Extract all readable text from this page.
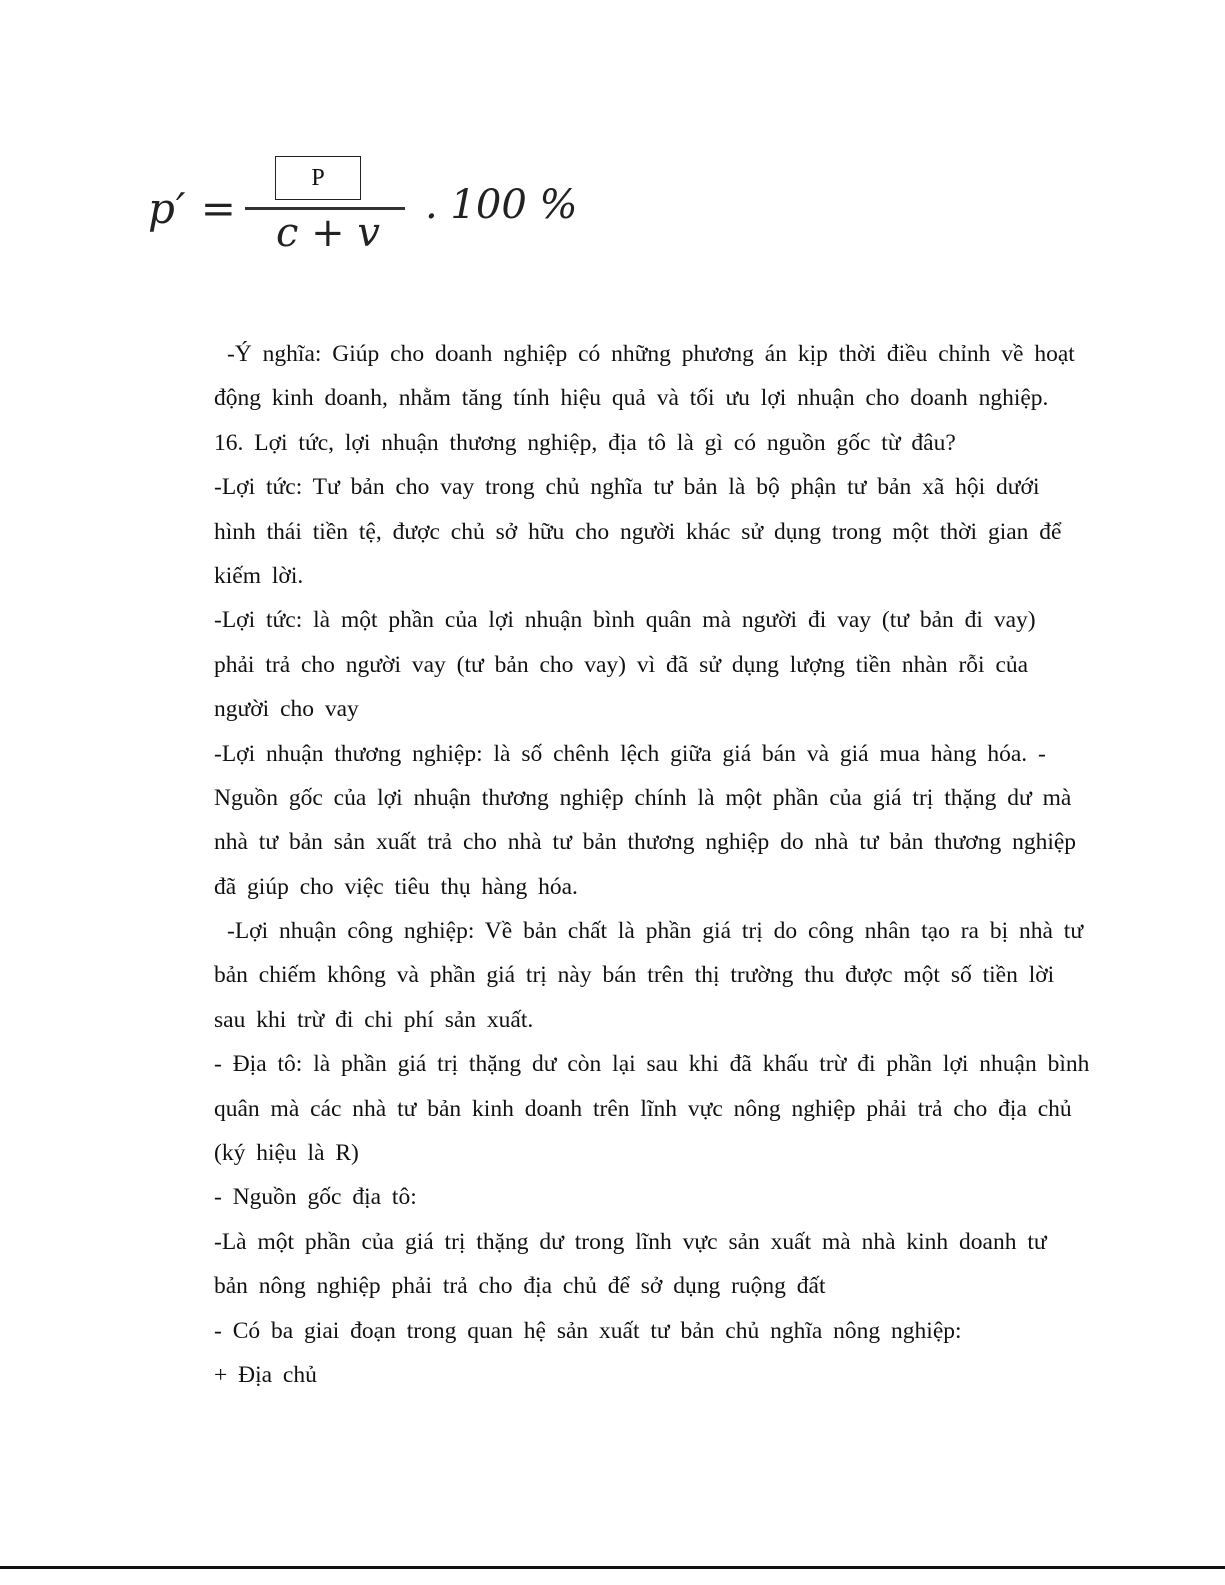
p′ =
P
c + v
. 100 %
-Ý nghĩa: Giúp cho doanh nghiệp có những phương án kịp thời điều chỉnh về hoạt
động kinh doanh, nhằm tăng tính hiệu quả và tối ưu lợi nhuận cho doanh nghiệp.
16. Lợi tức, lợi nhuận thương nghiệp, địa tô là gì có nguồn gốc từ đâu?
-Lợi tức: Tư bản cho vay trong chủ nghĩa tư bản là bộ phận tư bản xã hội dưới
hình thái tiền tệ, được chủ sở hữu cho người khác sử dụng trong một thời gian để
kiếm lời.
-Lợi tức: là một phần của lợi nhuận bình quân mà người đi vay (tư bản đi vay)
phải trả cho người vay (tư bản cho vay) vì đã sử dụng lượng tiền nhàn rỗi của
người cho vay
-Lợi nhuận thương nghiệp: là số chênh lệch giữa giá bán và giá mua hàng hóa. -
Nguồn gốc của lợi nhuận thương nghiệp chính là một phần của giá trị thặng dư mà
nhà tư bản sản xuất trả cho nhà tư bản thương nghiệp do nhà tư bản thương nghiệp
đã giúp cho việc tiêu thụ hàng hóa.
-Lợi nhuận công nghiệp: Về bản chất là phần giá trị do công nhân tạo ra bị nhà tư
bản chiếm không và phần giá trị này bán trên thị trường thu được một số tiền lời
sau khi trừ đi chi phí sản xuất.
- Địa tô: là phần giá trị thặng dư còn lại sau khi đã khấu trừ đi phần lợi nhuận bình
quân mà các nhà tư bản kinh doanh trên lĩnh vực nông nghiệp phải trả cho địa chủ
(ký hiệu là R)
- Nguồn gốc địa tô:
-Là một phần của giá trị thặng dư trong lĩnh vực sản xuất mà nhà kinh doanh tư
bản nông nghiệp phải trả cho địa chủ để sở dụng ruộng đất
- Có ba giai đoạn trong quan hệ sản xuất tư bản chủ nghĩa nông nghiệp:
+ Địa chủ
